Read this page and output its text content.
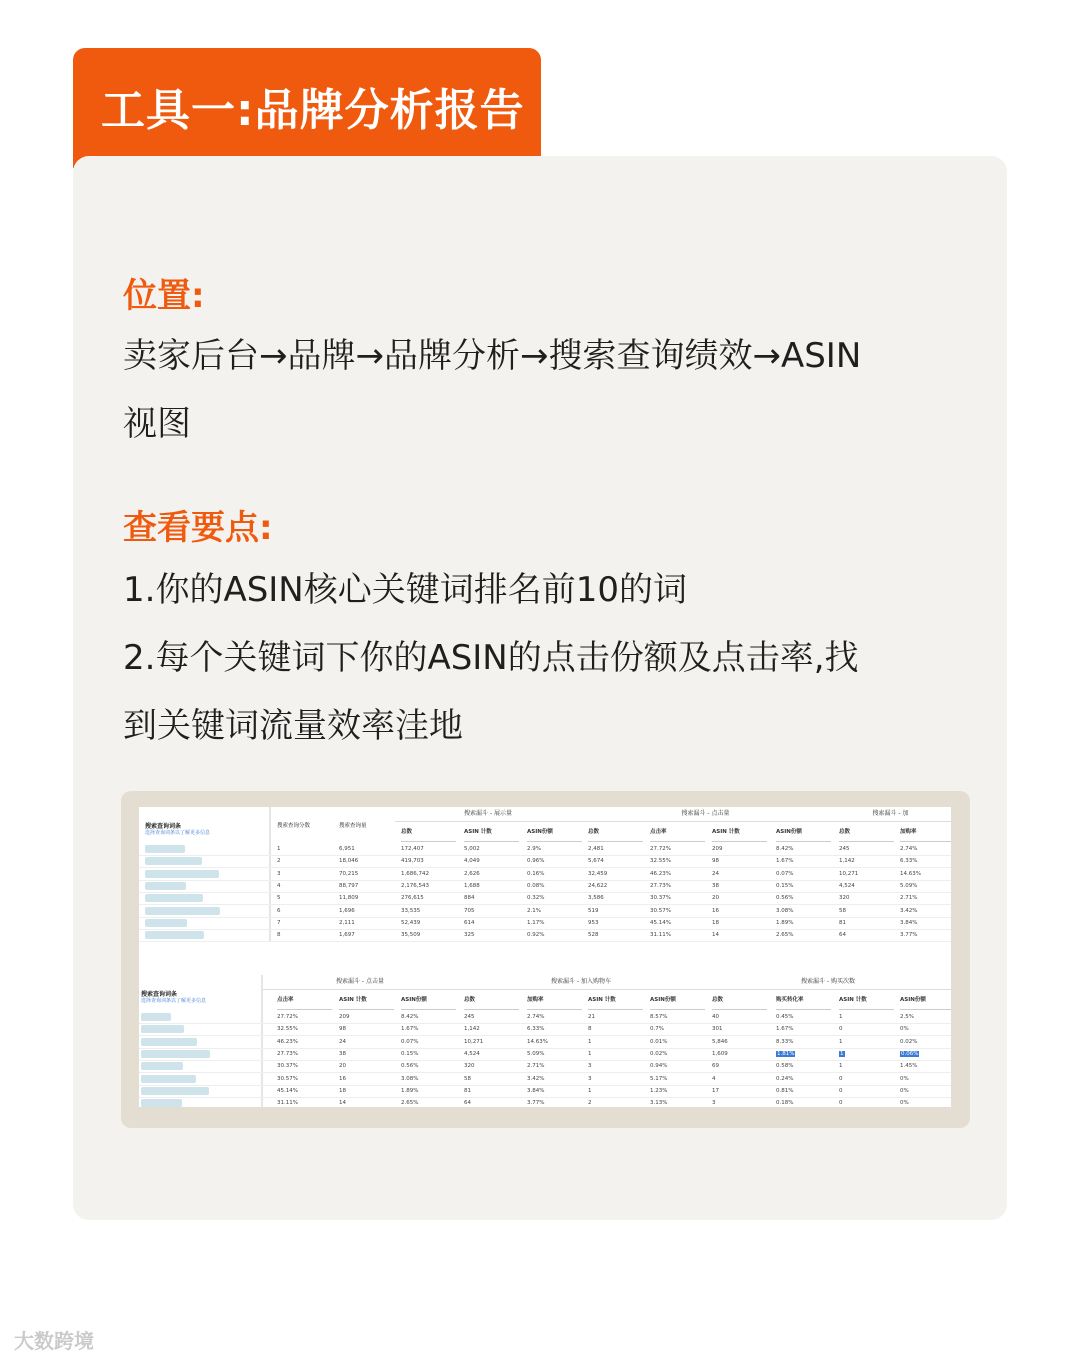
工具一:品牌分析报告
位置:
卖家后台→品牌→品牌分析→搜索查询绩效→ASIN
视图
查看要点:
1.你的ASIN核心关键词排名前10的词
2.每个关键词下你的ASIN的点击份额及点击率,找
到关键词流量效率洼地
搜索查询词条
选择查询词条以了解更多信息
搜索查询分数	搜索查询量
搜索漏斗 - 展示量	搜索漏斗 - 点击量	搜索漏斗 - 加
总数	ASIN 计数	ASIN份额	总数	点击率	ASIN 计数	ASIN份额	总数	加购率
1	6,951	172,407	5,002	2.9%	2,481	27.72%	209	8.42%	245	2.74%
2	18,046	419,703	4,049	0.96%	5,674	32.55%	98	1.67%	1,142	6.33%
3	70,215	1,686,742	2,626	0.16%	32,459	46.23%	24	0.07%	10,271	14.63%
4	88,797	2,176,543	1,688	0.08%	24,622	27.73%	38	0.15%	4,524	5.09%
5	11,809	276,615	884	0.32%	3,586	30.37%	20	0.56%	320	2.71%
6	1,696	33,535	705	2.1%	519	30.57%	16	3.08%	58	3.42%
7	2,111	52,439	614	1.17%	953	45.14%	18	1.89%	81	3.84%
8	1,697	35,509	325	0.92%	528	31.11%	14	2.65%	64	3.77%
搜索查询词条
选择查询词条以了解更多信息
搜索漏斗 - 点击量	搜索漏斗 - 加入购物车	搜索漏斗 - 购买次数
点击率	ASIN 计数	ASIN份额	总数	加购率	ASIN 计数	ASIN份额	总数	购买转化率	ASIN 计数	ASIN份额
27.72%	209	8.42%	245	2.74%	21	8.57%	40	0.45%	1	2.5%
32.55%	98	1.67%	1,142	6.33%	8	0.7%	301	1.67%	0	0%
46.23%	24	0.07%	10,271	14.63%	1	0.01%	5,846	8.33%	1	0.02%
27.73%	38	0.15%	4,524	5.09%	1	0.02%	1,609	1.81%	1	0.06%
30.37%	20	0.56%	320	2.71%	3	0.94%	69	0.58%	1	1.45%
30.57%	16	3.08%	58	3.42%	3	5.17%	4	0.24%	0	0%
45.14%	18	1.89%	81	3.84%	1	1.23%	17	0.81%	0	0%
31.11%	14	2.65%	64	3.77%	2	3.13%	3	0.18%	0	0%
大数跨境
